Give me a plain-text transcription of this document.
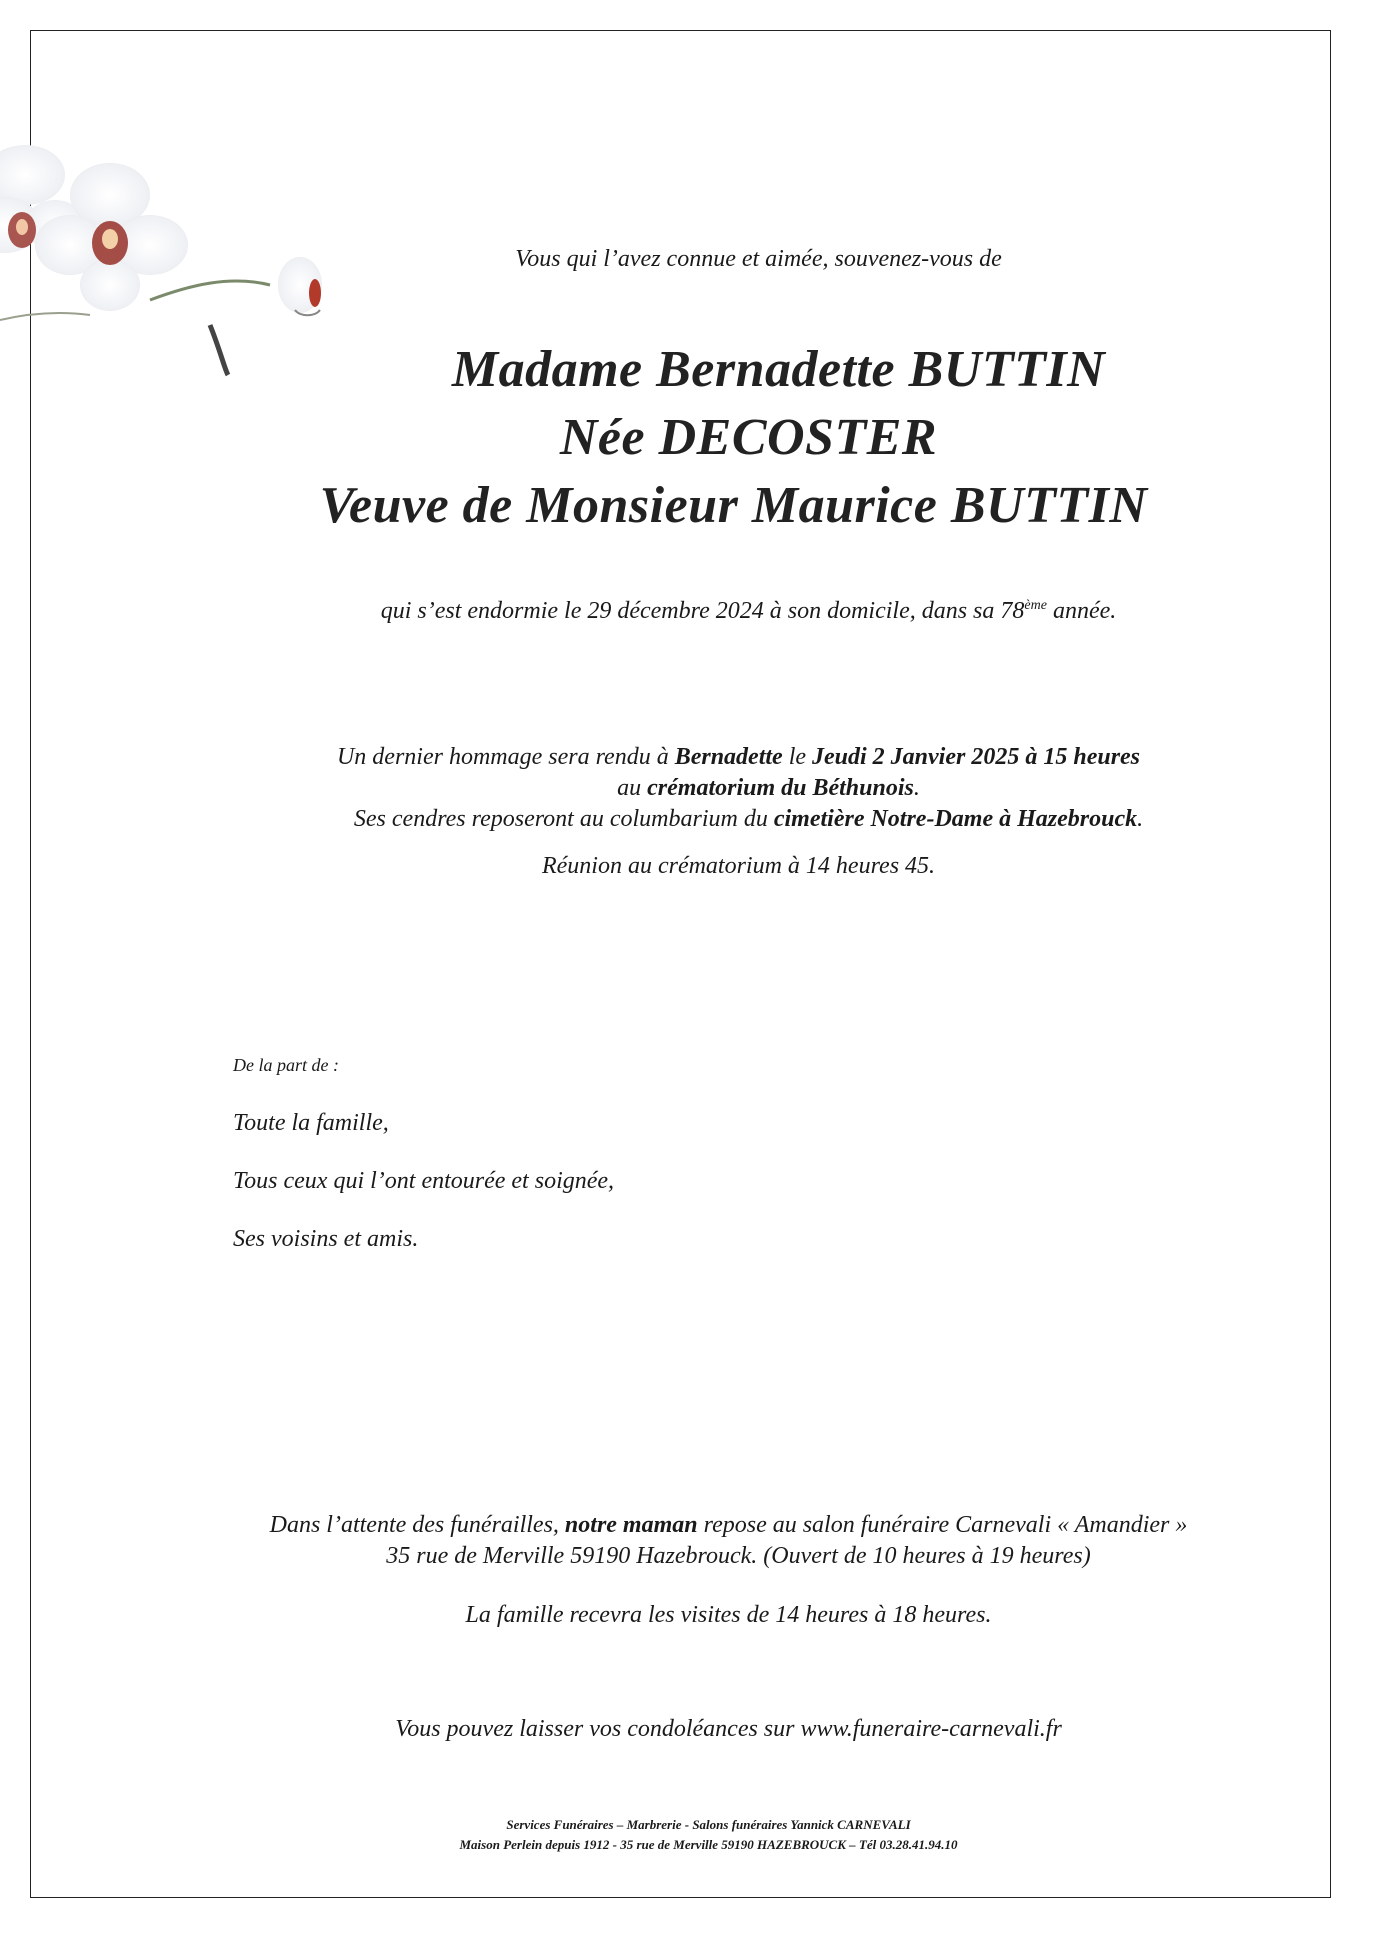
Vous qui l’avez connue et aimée, souvenez-vous de
Madame Bernadette BUTTIN
Née DECOSTER
Veuve de Monsieur Maurice BUTTIN
qui s’est endormie le 29 décembre 2024 à son domicile, dans sa 78ème année.
Un dernier hommage sera rendu à Bernadette le Jeudi 2 Janvier 2025 à 15 heures
au crématorium du Béthunois.
Ses cendres reposeront au columbarium du cimetière Notre-Dame à Hazebrouck.
Réunion au crématorium à 14 heures 45.
De la part de :
Toute la famille,
Tous ceux qui l’ont entourée et soignée,
Ses voisins et amis.
Dans l’attente des funérailles, notre maman repose au salon funéraire Carnevali « Amandier »
35 rue de Merville 59190 Hazebrouck. (Ouvert de 10 heures à 19 heures)
La famille recevra les visites de 14 heures à 18 heures.
Vous pouvez laisser vos condoléances sur www.funeraire-carnevali.fr
Services Funéraires – Marbrerie - Salons funéraires Yannick CARNEVALI
Maison Perlein depuis 1912 - 35 rue de Merville 59190 HAZEBROUCK – Tél 03.28.41.94.10
